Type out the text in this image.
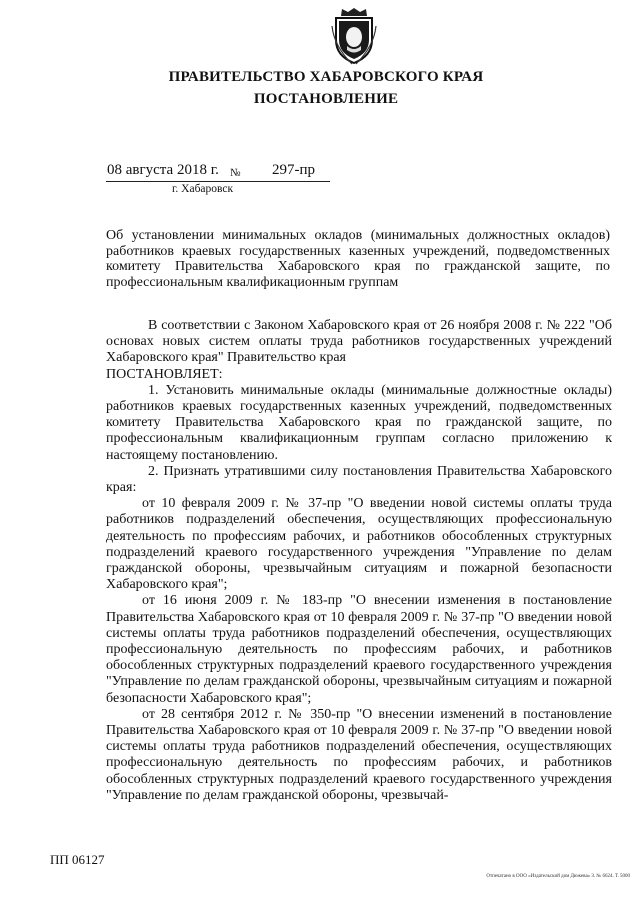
ПРАВИТЕЛЬСТВО ХАБАРОВСКОГО КРАЯ
ПОСТАНОВЛЕНИЕ
08 августа 2018 г. № 297-пр
г. Хабаровск
Об установлении минимальных окладов (минимальных должностных окладов) работников краевых государственных казенных учреждений, подведомственных комитету Правительства Хабаровского края по гражданской защите, по профессиональным квалификационным группам

В соответствии с Законом Хабаровского края от 26 ноября 2008 г. № 222 "Об основах новых систем оплаты труда работников государственных учреждений Хабаровского края" Правительство края

ПОСТАНОВЛЯЕТ:

1. Установить минимальные оклады (минимальные должностные оклады) работников краевых государственных казенных учреждений, подведомственных комитету Правительства Хабаровского края по гражданской защите, по профессиональным квалификационным группам согласно приложению к настоящему постановлению.

2. Признать утратившими силу постановления Правительства Хабаровского края:

от 10 февраля 2009 г. № 37-пр "О введении новой системы оплаты труда работников подразделений обеспечения, осуществляющих профессиональную деятельность по профессиям рабочих, и работников обособленных структурных подразделений краевого государственного учреждения "Управление по делам гражданской обороны, чрезвычайным ситуациям и пожарной безопасности Хабаровского края";

от 16 июня 2009 г. № 183-пр "О внесении изменения в постановление Правительства Хабаровского края от 10 февраля 2009 г. № 37-пр "О введении новой системы оплаты труда работников подразделений обеспечения, осуществляющих профессиональную деятельность по профессиям рабочих, и работников обособленных структурных подразделений краевого государственного учреждения "Управление по делам гражданской обороны, чрезвычайным ситуациям и пожарной безопасности Хабаровского края";

от 28 сентября 2012 г. № 350-пр "О внесении изменений в постановление Правительства Хабаровского края от 10 февраля 2009 г. № 37-пр "О введении новой системы оплаты труда работников подразделений обеспечения, осуществляющих профессиональную деятельность по профессиям рабочих, и работников обособленных структурных подразделений краевого государственного учреждения "Управление по делам гражданской обороны, чрезвычай-

ПП 06127
Отпечатано в ООО «Издательский дом Дюжева» З. № 6624. Т. 5000
